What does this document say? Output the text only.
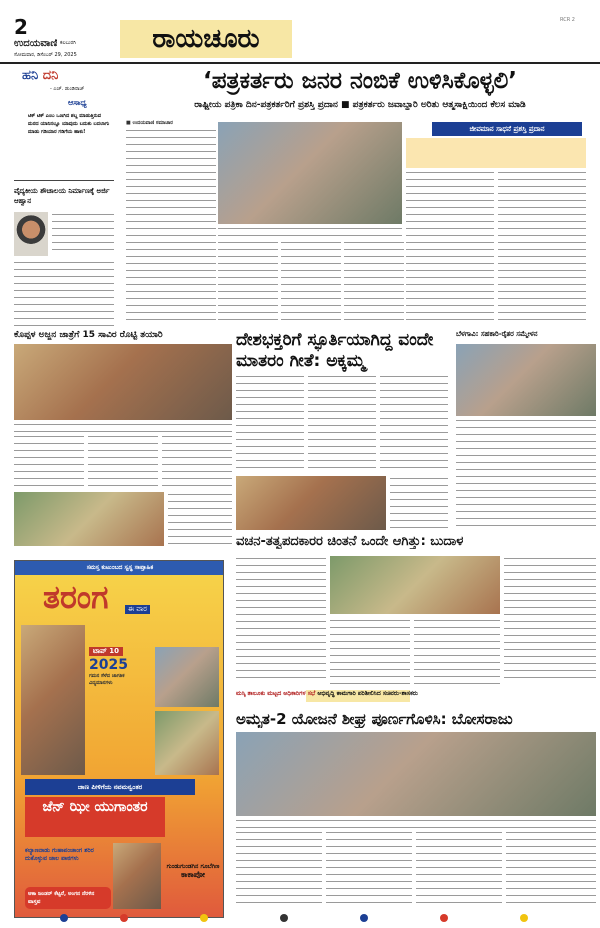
2
ಉದಯವಾಣಿ ಕಲಬುರಗಿ
ಸೋಮವಾರ, ಡಿಸೆಂಬರ್ 29, 2025
ರಾಯಚೂರು
RCR 2
ಹನಿ ದನಿ
- ಎಚ್. ಡುಂಡಿರಾಜ್
ಆಸಾಧ್ಯ
ಟಿಕ್ ಟಿಕ್ ಎಂಬ ಒಣಗಿದ ಶಬ್ದ ಮಾಡುತ್ತಿರುವ ಮರದ ಯಾನಿನಲ್ಲೂ ಯಾವುದು ಬದುಕು ಬದಲಾಗು ಮಾಡು ಗಡಿಯಾರ ಗಡಿಗೆಯ ಹಾಕು!
ವೈದ್ಯಕೀಯ ಶೌಚಾಲಯ ನಿರ್ಮಾಣಕ್ಕೆ ಅರ್ಜಿ ಆಹ್ವಾನ
‘ಪತ್ರಕರ್ತರು ಜನರ ನಂಬಿಕೆ ಉಳಿಸಿಕೊಳ್ಳಲಿ’
ರಾಷ್ಟ್ರೀಯ ಪತ್ರಿಕಾ ದಿನ-ಪತ್ರಕರ್ತರಿಗೆ ಪ್ರಶಸ್ತಿ ಪ್ರದಾನ ■ ಪತ್ರಕರ್ತರು ಜವಾಬ್ದಾರಿ ಅರಿತು ಆತ್ಮಸಾಕ್ಷಿಯಿಂದ ಕೆಲಸ ಮಾಡಿ
■ ಉದಯವಾಣಿ ಸಮಾಚಾರ
ಜೀವಮಾನ ಸಾಧನೆ ಪ್ರಶಸ್ತಿ ಪ್ರದಾನ
ಕೊಪ್ಪಳ ಅಜ್ಜನ ಜಾತ್ರೆಗೆ 15 ಸಾವಿರ ರೊಟ್ಟಿ ತಯಾರಿ	ದೇಶಭಕ್ತರಿಗೆ ಸ್ಫೂರ್ತಿಯಾಗಿದ್ದ ವಂದೇ ಮಾತರಂ ಗೀತೆ: ಅಕ್ಕಮ್ಮ
ಬೆಳಗಾವಿ: ಸಹಕಾರಿ-ರೈತರ ಸಮ್ಮೇಳನ
ವಚನ-ತತ್ವಪದಕಾರರ ಚಿಂತನೆ ಒಂದೇ ಆಗಿತ್ತು: ಬುದಾಳ
ಮಸ್ಕಿ ತಾಲೂಕು ಮಟ್ಟದ ಅಧಿಕಾರಿಗಳ ಸಭೆ ಅಭಿವೃದ್ಧಿ ಕಾಮಗಾರಿ ಪರಿಶೀಲಿಸಿದ ಸಚಿವರು-ಶಾಸಕರು
ಅಮೃತ-2 ಯೋಜನೆ ಶೀಘ್ರ ಪೂರ್ಣಗೊಳಿಸಿ: ಬೋಸರಾಜು
ಸಮಸ್ತ ಕುಟುಂಬದ ಸ್ವಸ್ಥ ಸಾಪ್ತಾಹಿಕ
ತರಂಗ	ಈ ವಾರ
ಟಾಪ್ 10
2025
ಗಮನ ಸೆಳೆದ ಜಾಗತಿಕ ವಿದ್ಯಮಾನಗಳು
ಜಾಣ ಪೀಳಿಗೆಯ ನವಮನ್ವಂತರ
ಜೆನ್ ಝೀ ಯುಗಾಂತರ
ಕಲ್ಯಾಣನಾಡು ಗುಹಾಪಂಚಾಂಗ ಶರಿರ ದುಕೊಳ್ಳುವ ಜಾಲ ಪಾಠಗಳು
ಆಕಾ ಜಂಡರ್ ಕೆಟ್ಟರೆ, ಅಂಗನ ನೆರಳಿನ ವಾಸ್ತವ
ಗುಂಡುಗುಂಡಗಿನ ಗೂಬೆಗಿಣ
ಕಾಕಾಪೋ
